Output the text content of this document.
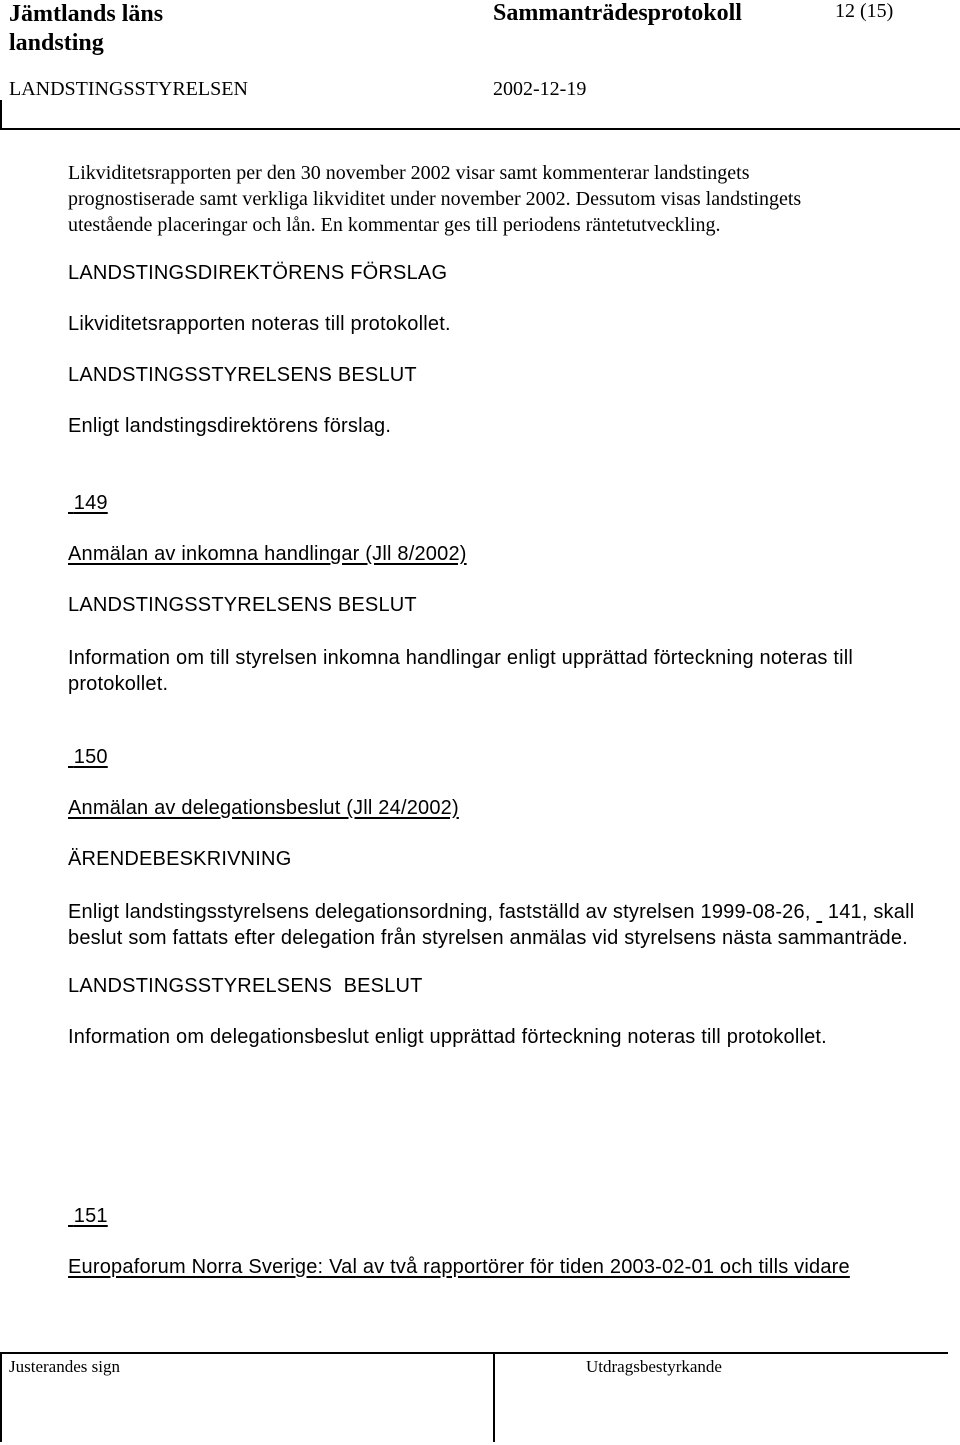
Jämtlands läns
landsting
Sammanträdesprotokoll	12 (15)
LANDSTINGSSTYRELSEN	2002-12-19
Likviditetsrapporten per den 30 november 2002 visar samt kommenterar landstingets
prognostiserade samt verkliga likviditet under november 2002. Dessutom visas landstingets
utestående placeringar och lån. En kommentar ges till periodens räntetutveckling.
LANDSTINGSDIREKTÖRENS FÖRSLAG
Likviditetsrapporten noteras till protokollet.
LANDSTINGSSTYRELSENS BESLUT
Enligt landstingsdirektörens förslag.
149
Anmälan av inkomna handlingar (Jll 8/2002)
LANDSTINGSSTYRELSENS BESLUT
Information om till styrelsen inkomna handlingar enligt upprättad förteckning noteras till
protokollet.
150
Anmälan av delegationsbeslut (Jll 24/2002)
ÄRENDEBESKRIVNING
Enligt landstingsstyrelsens delegationsordning, fastställd av styrelsen 1999-08-26, 141, skall
beslut som fattats efter delegation från styrelsen anmälas vid styrelsens nästa sammanträde.
LANDSTINGSSTYRELSENS  BESLUT
Information om delegationsbeslut enligt upprättad förteckning noteras till protokollet.
151
Europaforum Norra Sverige: Val av två rapportörer för tiden 2003-02-01 och tills vidare
Justerandes sign	Utdragsbestyrkande
